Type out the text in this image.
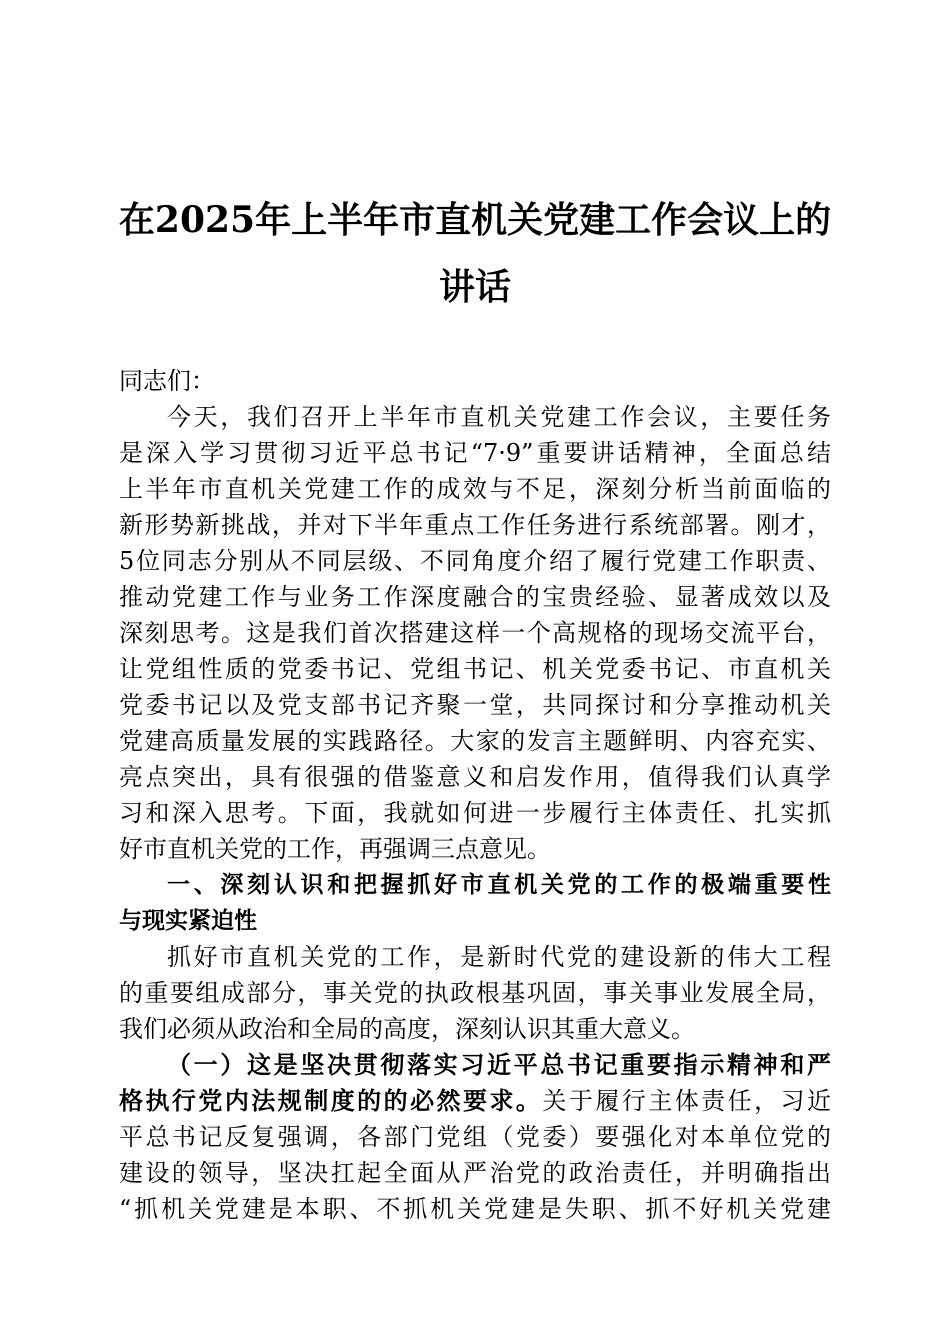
在2025年上半年市直机关党建工作会议上的
讲话
同志们：
今天，我们召开上半年市直机关党建工作会议，主要任务
是深入学习贯彻习近平总书记“7·9”重要讲话精神，全面总结
上半年市直机关党建工作的成效与不足，深刻分析当前面临的
新形势新挑战，并对下半年重点工作任务进行系统部署。刚才，
5位同志分别从不同层级、不同角度介绍了履行党建工作职责、
推动党建工作与业务工作深度融合的宝贵经验、显著成效以及
深刻思考。这是我们首次搭建这样一个高规格的现场交流平台，
让党组性质的党委书记、党组书记、机关党委书记、市直机关
党委书记以及党支部书记齐聚一堂，共同探讨和分享推动机关
党建高质量发展的实践路径。大家的发言主题鲜明、内容充实、
亮点突出，具有很强的借鉴意义和启发作用，值得我们认真学
习和深入思考。下面，我就如何进一步履行主体责任、扎实抓
好市直机关党的工作，再强调三点意见。
一、深刻认识和把握抓好市直机关党的工作的极端重要性
与现实紧迫性
抓好市直机关党的工作，是新时代党的建设新的伟大工程
的重要组成部分，事关党的执政根基巩固，事关事业发展全局，
我们必须从政治和全局的高度，深刻认识其重大意义。
（一）这是坚决贯彻落实习近平总书记重要指示精神和严
格执行党内法规制度的的必然要求。关于履行主体责任，习近
平总书记反复强调，各部门党组（党委）要强化对本单位党的
建设的领导，坚决扛起全面从严治党的政治责任，并明确指出
“抓机关党建是本职、不抓机关党建是失职、抓不好机关党建
